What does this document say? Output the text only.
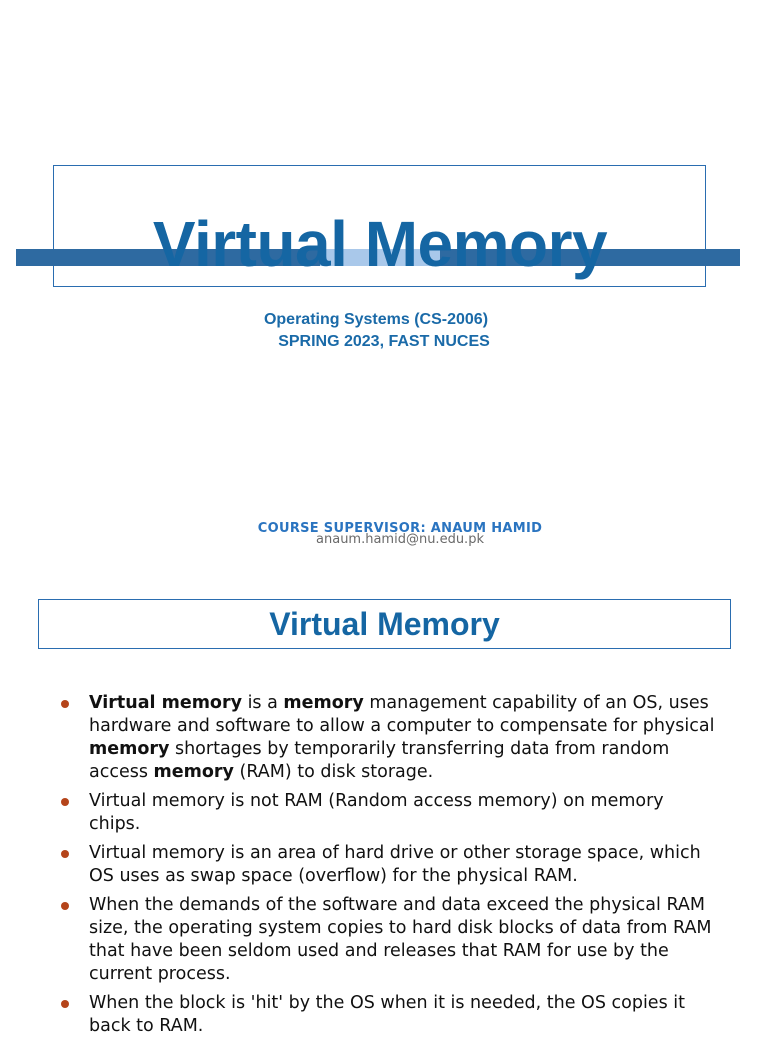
Virtual Memory
Operating Systems (CS-2006)
SPRING 2023, FAST NUCES
COURSE SUPERVISOR: ANAUM HAMID
anaum.hamid@nu.edu.pk
Virtual Memory
Virtual memory is a memory management capability of an OS, uses hardware and software to allow a computer to compensate for physical memory shortages by temporarily transferring data from random access memory (RAM) to disk storage.
Virtual memory is not RAM (Random access memory) on memory chips.
Virtual memory is an area of hard drive or other storage space, which OS uses as swap space (overflow) for the physical RAM.
When the demands of the software and data exceed the physical RAM size, the operating system copies to hard disk blocks of data from RAM that have been seldom used and releases that RAM for use by the current process.
When the block is 'hit' by the OS when it is needed, the OS copies it back to RAM.
